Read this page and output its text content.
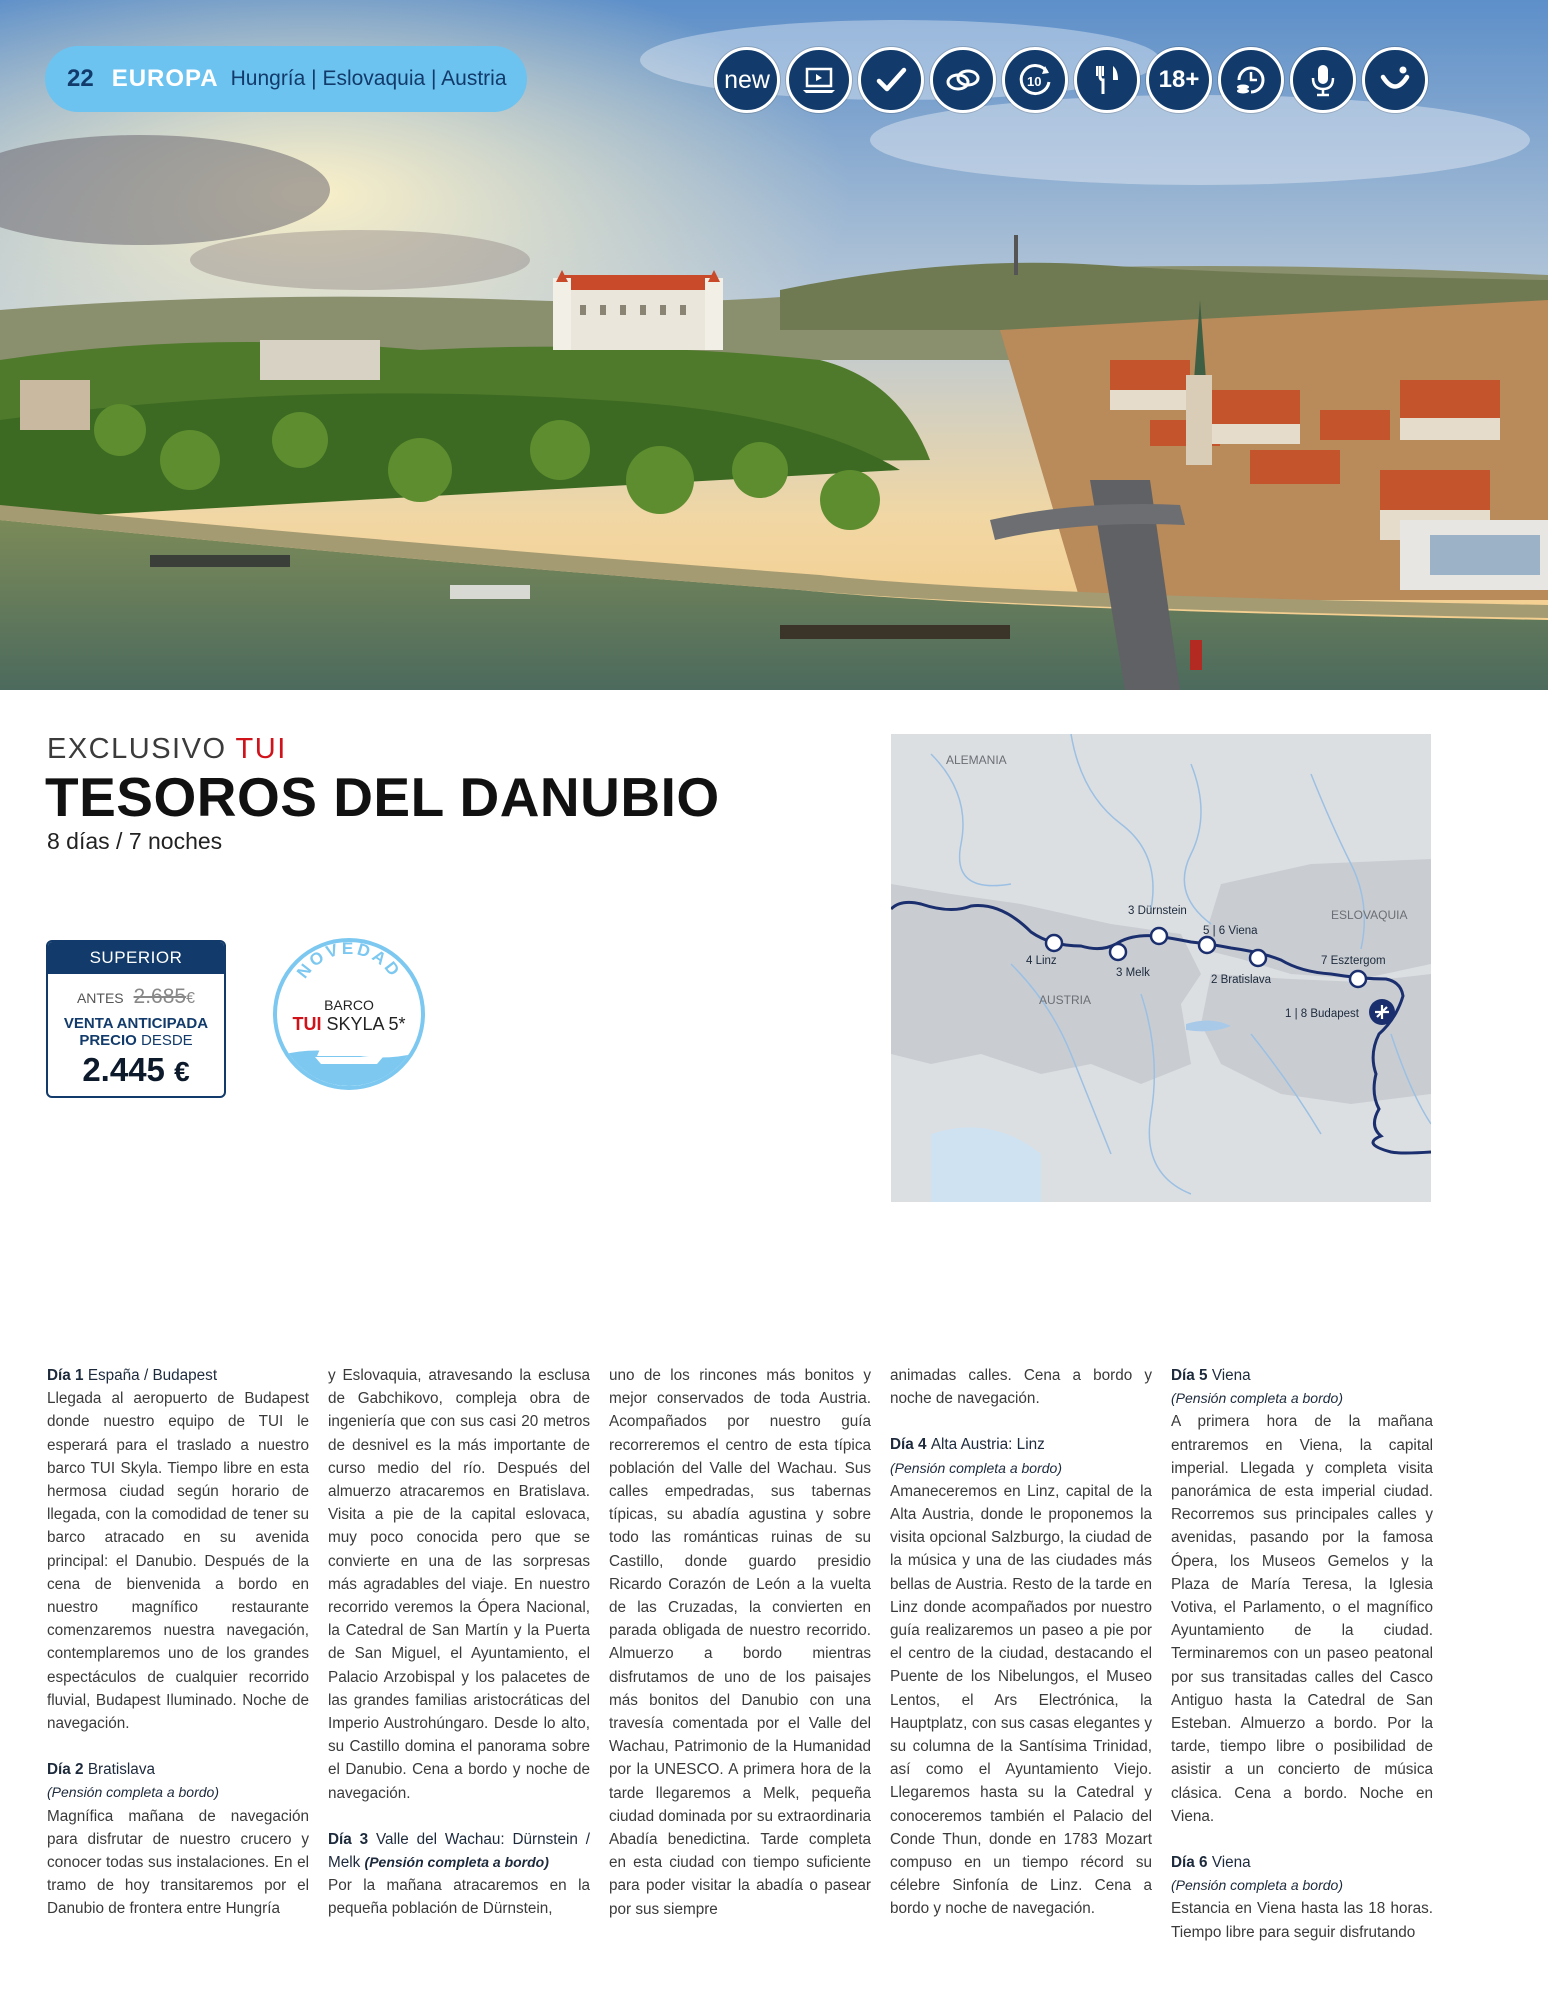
22 EUROPA Hungría | Eslovaquia | Austria	new	10	18+
EXCLUSIVO TUI
TESOROS DEL DANUBIO
8 días / 7 noches
SUPERIOR
ANTES 2.685€
VENTA ANTICIPADA
PRECIO DESDE
2.445 €
NOVEDAD
BARCO
TUI SKYLA 5*
ALEMANIA
ESLOVAQUIA
AUSTRIA
4 Linz
3 Melk
3 Dürnstein
5 | 6 Viena
2 Bratislava
7 Esztergom
1 | 8 Budapest

Día 1 España / Budapest

Llegada al aeropuerto de Budapest donde nuestro equipo de TUI le esperará para el traslado a nuestro barco TUI Skyla. Tiempo libre en esta hermosa ciudad según horario de llegada, con la comodidad de tener su barco atracado en su avenida principal: el Danubio. Después de la cena de bienvenida a bordo en nuestro magnífico restaurante comenzaremos nuestra navegación, contemplaremos uno de los grandes espectáculos de cualquier recorrido fluvial, Budapest Iluminado. Noche de navegación.

Día 2 Bratislava

(Pensión completa a bordo)

Magnífica mañana de navegación para disfrutar de nuestro crucero y conocer todas sus instalaciones. En el tramo de hoy transitaremos por el Danubio de frontera entre Hungría

y Eslovaquia, atravesando la esclusa de Gabchikovo, compleja obra de ingeniería que con sus casi 20 metros de desnivel es la más importante de curso medio del río. Después del almuerzo atracaremos en Bratislava. Visita a pie de la capital eslovaca, muy poco conocida pero que se convierte en una de las sorpresas más agradables del viaje. En nuestro recorrido veremos la Ópera Nacional, la Catedral de San Martín y la Puerta de San Miguel, el Ayuntamiento, el Palacio Arzobispal y los palacetes de las grandes familias aristocráticas del Imperio Austrohúngaro. Desde lo alto, su Castillo domina el panorama sobre el Danubio. Cena a bordo y noche de navegación.

Día 3 Valle del Wachau: Dürnstein / Melk (Pensión completa a bordo)

Por la mañana atracaremos en la pequeña población de Dürnstein,

uno de los rincones más bonitos y mejor conservados de toda Austria. Acompañados por nuestro guía recorreremos el centro de esta típica población del Valle del Wachau. Sus calles empedradas, sus tabernas típicas, su abadía agustina y sobre todo las románticas ruinas de su Castillo, donde guardo presidio Ricardo Corazón de León a la vuelta de las Cruzadas, la convierten en parada obligada de nuestro recorrido. Almuerzo a bordo mientras disfrutamos de uno de los paisajes más bonitos del Danubio con una travesía comentada por el Valle del Wachau, Patrimonio de la Humanidad por la UNESCO. A primera hora de la tarde llegaremos a Melk, pequeña ciudad dominada por su extraordinaria Abadía benedictina. Tarde completa en esta ciudad con tiempo suficiente para poder visitar la abadía o pasear por sus siempre

animadas calles. Cena a bordo y noche de navegación.

Día 4 Alta Austria: Linz

(Pensión completa a bordo)

Amaneceremos en Linz, capital de la Alta Austria, donde le proponemos la visita opcional Salzburgo, la ciudad de la música y una de las ciudades más bellas de Austria. Resto de la tarde en Linz donde acompañados por nuestro guía realizaremos un paseo a pie por el centro de la ciudad, destacando el Puente de los Nibelungos, el Museo Lentos, el Ars Electrónica, la Hauptplatz, con sus casas elegantes y su columna de la Santísima Trinidad, así como el Ayuntamiento Viejo. Llegaremos hasta su la Catedral y conoceremos también el Palacio del Conde Thun, donde en 1783 Mozart compuso en un tiempo récord su célebre Sinfonía de Linz. Cena a bordo y noche de navegación.

Día 5 Viena

(Pensión completa a bordo)

A primera hora de la mañana entraremos en Viena, la capital imperial. Llegada y completa visita panorámica de esta imperial ciudad. Recorremos sus principales calles y avenidas, pasando por la famosa Ópera, los Museos Gemelos y la Plaza de María Teresa, la Iglesia Votiva, el Parlamento, o el magnífico Ayuntamiento de la ciudad. Terminaremos con un paseo peatonal por sus transitadas calles del Casco Antiguo hasta la Catedral de San Esteban. Almuerzo a bordo. Por la tarde, tiempo libre o posibilidad de asistir a un concierto de música clásica. Cena a bordo. Noche en Viena.

Día 6 Viena

(Pensión completa a bordo)

Estancia en Viena hasta las 18 horas. Tiempo libre para seguir disfrutando
